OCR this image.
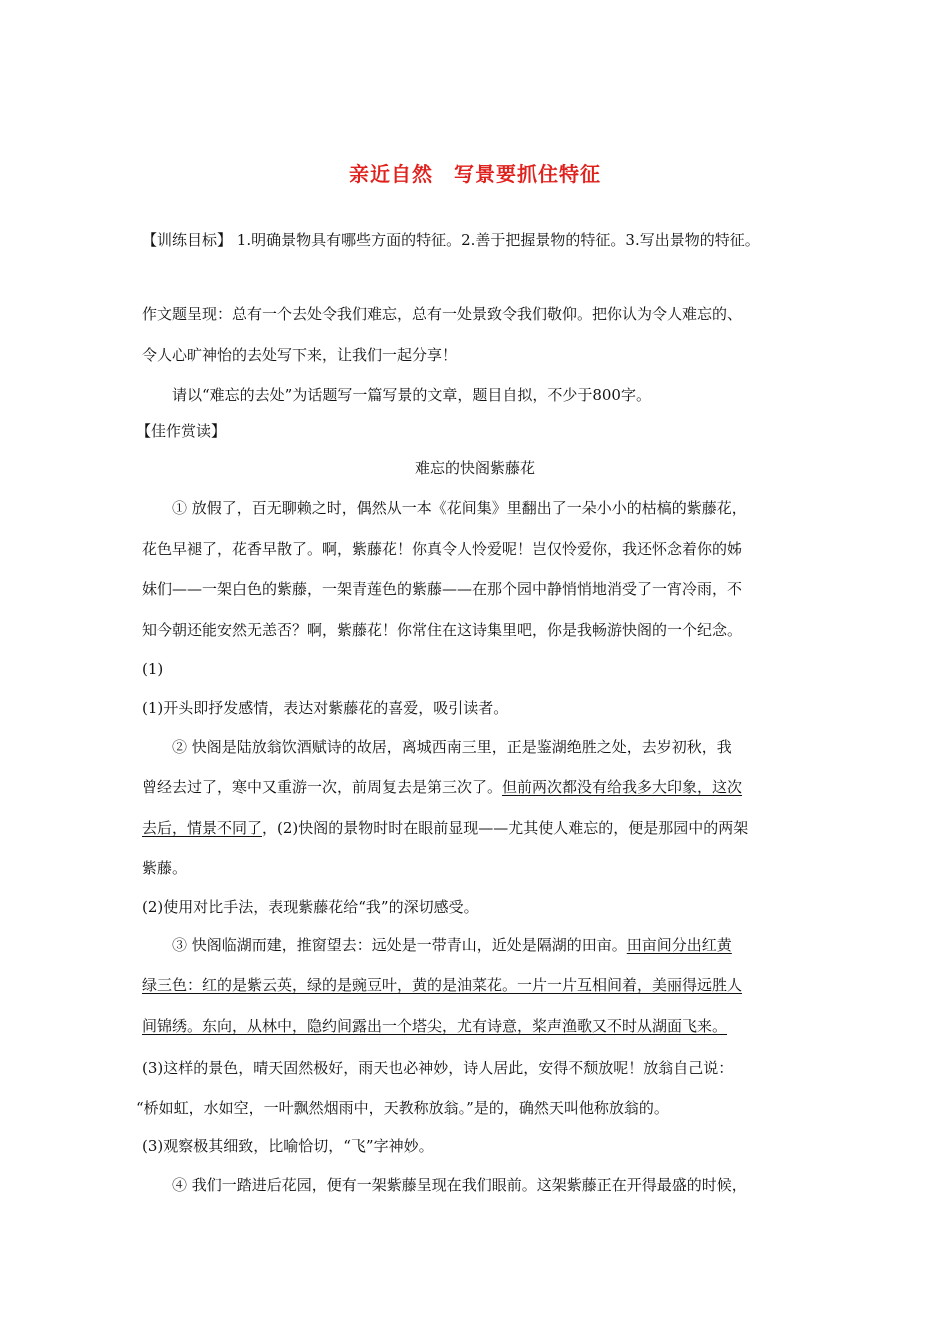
亲近自然　写景要抓住特征
【训练目标】 1.明确景物具有哪些方面的特征。2.善于把握景物的特征。3.写出景物的特征。
作文题呈现：总有一个去处令我们难忘，总有一处景致令我们敬仰。把你认为令人难忘的、
令人心旷神怡的去处写下来，让我们一起分享！
请以“难忘的去处”为话题写一篇写景的文章，题目自拟，不少于800字。
【佳作赏读】
难忘的快阁紫藤花
① 放假了，百无聊赖之时，偶然从一本《花间集》里翻出了一朵小小的枯槁的紫藤花，
花色早褪了，花香早散了。啊，紫藤花！你真令人怜爱呢！岂仅怜爱你，我还怀念着你的姊
妹们——一架白色的紫藤，一架青莲色的紫藤——在那个园中静悄悄地消受了一宵冷雨，不
知今朝还能安然无恙否？啊，紫藤花！你常住在这诗集里吧，你是我畅游快阁的一个纪念。
(1)
(1)开头即抒发感情，表达对紫藤花的喜爱，吸引读者。
② 快阁是陆放翁饮酒赋诗的故居，离城西南三里，正是鉴湖绝胜之处，去岁初秋，我
曾经去过了，寒中又重游一次，前周复去是第三次了。但前两次都没有给我多大印象，这次
去后，情景不同了，(2)快阁的景物时时在眼前显现——尤其使人难忘的，便是那园中的两架
紫藤。
(2)使用对比手法，表现紫藤花给“我”的深切感受。
③ 快阁临湖而建，推窗望去：远处是一带青山，近处是隔湖的田亩。田亩间分出红黄
绿三色：红的是紫云英，绿的是豌豆叶，黄的是油菜花。一片一片互相间着，美丽得远胜人
间锦绣。东向，从林中，隐约间露出一个塔尖，尤有诗意，桨声渔歌又不时从湖面飞来。
(3)这样的景色，晴天固然极好，雨天也必神妙，诗人居此，安得不颓放呢！放翁自己说：
“桥如虹，水如空，一叶飘然烟雨中，天教称放翁。”是的，确然天叫他称放翁的。
(3)观察极其细致，比喻恰切，“飞”字神妙。
④ 我们一踏进后花园，便有一架紫藤呈现在我们眼前。这架紫藤正在开得最盛的时候，
